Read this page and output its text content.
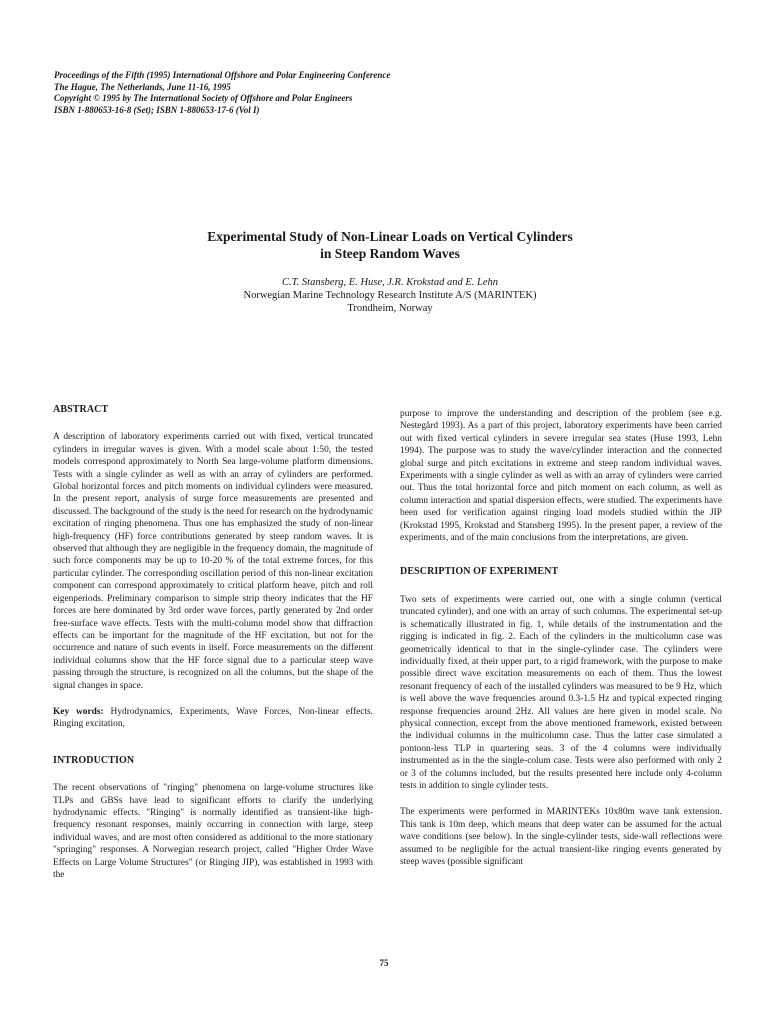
Proceedings of the Fifth (1995) International Offshore and Polar Engineering Conference
The Hague, The Netherlands, June 11-16, 1995
Copyright © 1995 by The International Society of Offshore and Polar Engineers
ISBN 1-880653-16-8 (Set); ISBN 1-880653-17-6 (Vol I)
Experimental Study of Non-Linear Loads on Vertical Cylinders
in Steep Random Waves
C.T. Stansberg, E. Huse, J.R. Krokstad and E. Lehn
Norwegian Marine Technology Research Institute A/S (MARINTEK)
Trondheim, Norway
ABSTRACT

A description of laboratory experiments carried out with fixed, vertical truncated cylinders in irregular waves is given. With a model scale about 1:50, the tested models correspond approximately to North Sea large-volume platform dimensions. Tests with a single cylinder as well as with an array of cylinders are performed. Global horizontal forces and pitch moments on individual cylinders were measured. In the present report, analysis of surge force measurements are presented and discussed. The background of the study is the need for research on the hydrodynamic excitation of ringing phenomena. Thus one has emphasized the study of non-linear high-frequency (HF) force contributions generated by steep random waves. It is observed that although they are negligible in the frequency domain, the magnitude of such force components may be up to 10-20 % of the total extreme forces, for this particular cylinder. The corresponding oscillation period of this non-linear excitation component can correspond approximately to critical platform heave, pitch and roll eigenperiods. Preliminary comparison to simple strip theory indicates that the HF forces are here dominated by 3rd order wave forces, partly generated by 2nd order free-surface wave effects. Tests with the multi-column model show that diffraction effects can be important for the magnitude of the HF excitation, but not for the occurrence and nature of such events in itself. Force measurements on the different individual columns show that the HF force signal due to a particular steep wave passing through the structure, is recognized on all the columns, but the shape of the signal changes in space.

Key words: Hydrodynamics, Experiments, Wave Forces, Non-linear effects. Ringing excitation,

INTRODUCTION

The recent observations of "ringing" phenomena on large-volume structures like TLPs and GBSs have lead to significant efforts to clarify the underlying hydrodynamic effects. "Ringing" is normally identified as transient-like high-frequency resonant responses, mainly occurring in connection with large, steep individual waves, and are most often considered as additional to the more stationary "springing" responses. A Norwegian research project, called "Higher Order Wave Effects on Large Volume Structures" (or Ringing JIP), was established in 1993 with the

purpose to improve the understanding and description of the problem (see e.g. Nestegård 1993). As a part of this project, laboratory experiments have been carried out with fixed vertical cylinders in severe irregular sea states (Huse 1993, Lehn 1994). The purpose was to study the wave/cylinder interaction and the connected global surge and pitch excitations in extreme and steep random individual waves. Experiments with a single cylinder as well as with an array of cylinders were carried out. Thus the total horizontal force and pitch moment on each column, as well as column interaction and spatial dispersion effects, were studied. The experiments have been used for verification against ringing load models studied within the JIP (Krokstad 1995, Krokstad and Stansberg 1995). In the present paper, a review of the experiments, and of the main conclusions from the interpretations, are given.

DESCRIPTION OF EXPERIMENT

Two sets of experiments were carried out, one with a single column (vertical truncated cylinder), and one with an array of such columns. The experimental set-up is schematically illustrated in fig. 1, while details of the instrumentation and the rigging is indicated in fig. 2. Each of the cylinders in the multicolumn case was geometrically identical to that in the single-cylinder case. The cylinders were individually fixed, at their upper part, to a rigid framework, with the purpose to make possible direct wave excitation measurements on each of them. Thus the lowest resonant frequency of each of the installed cylinders was measured to be 9 Hz, which is well above the wave frequencies around 0.3-1.5 Hz and typical expected ringing response frequencies around 2Hz. All values are here given in model scale. No physical connection, except from the above mentioned framework, existed between the individual columns in the multicolumn case. Thus the latter case simulated a pontoon-less TLP in quartering seas. 3 of the 4 columns were individually instrumented as in the the single-colum case. Tests were also performed with only 2 or 3 of the columns included, but the results presented here include only 4-column tests in addition to single cylinder tests.

The experiments were performed in MARINTEKs 10x80m wave tank extension. This tank is 10m deep, which means that deep water can be assumed for the actual wave conditions (see below). In the single-cylinder tests, side-wall reflections were assumed to be negligible for the actual transient-like ringing events generated by steep waves (possible significant

75
